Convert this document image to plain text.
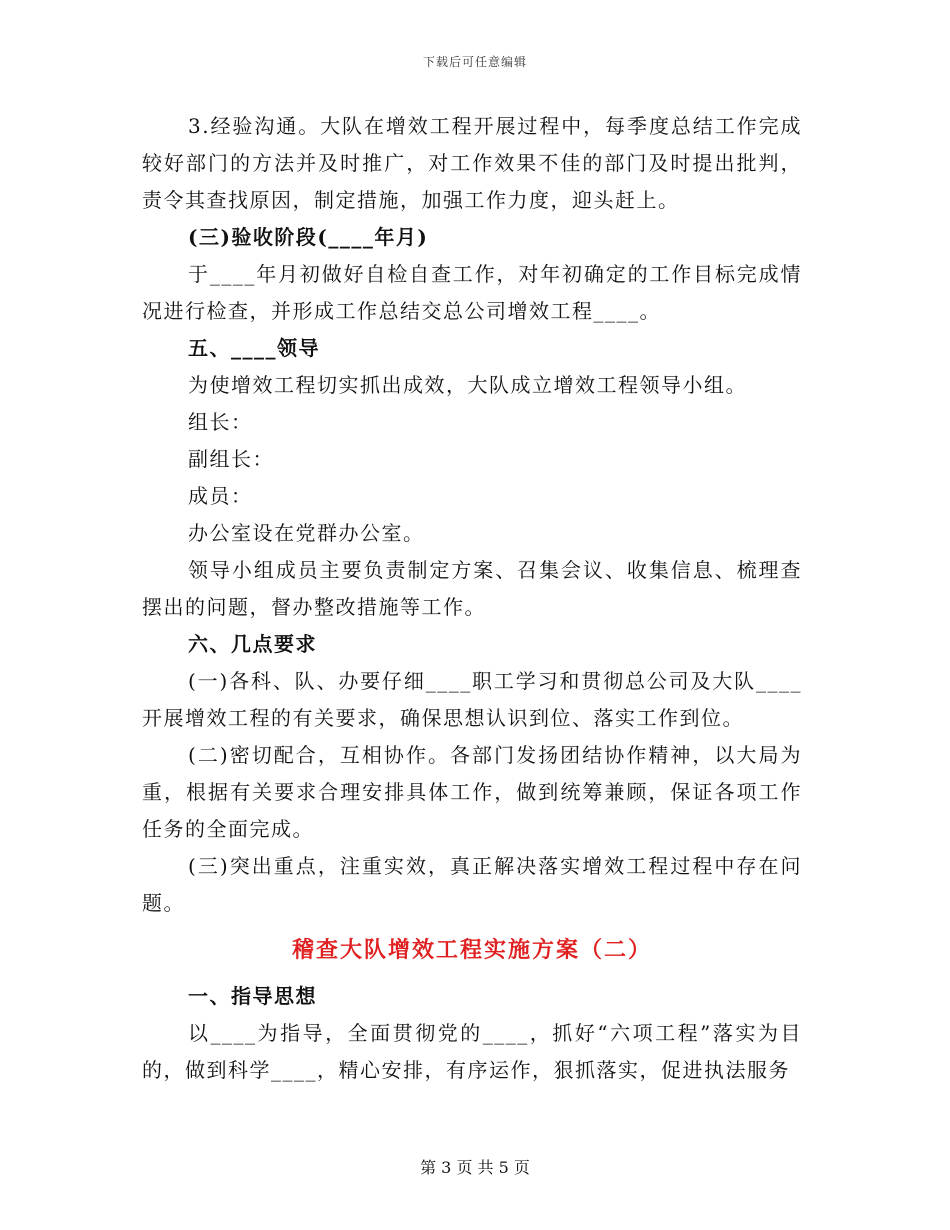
下载后可任意编辑

3.经验沟通。大队在增效工程开展过程中，每季度总结工作完成较好部门的方法并及时推广，对工作效果不佳的部门及时提出批判，责令其查找原因，制定措施，加强工作力度，迎头赶上。

(三)验收阶段(____年月)

于____年月初做好自检自查工作，对年初确定的工作目标完成情况进行检查，并形成工作总结交总公司增效工程____。

五、____领导

为使增效工程切实抓出成效，大队成立增效工程领导小组。

组长：

副组长：

成员：

办公室设在党群办公室。

领导小组成员主要负责制定方案、召集会议、收集信息、梳理查摆出的问题，督办整改措施等工作。

六、几点要求

(一)各科、队、办要仔细____职工学习和贯彻总公司及大队____开展增效工程的有关要求，确保思想认识到位、落实工作到位。

(二)密切配合，互相协作。各部门发扬团结协作精神，以大局为重，根据有关要求合理安排具体工作，做到统筹兼顾，保证各项工作任务的全面完成。

(三)突出重点，注重实效，真正解决落实增效工程过程中存在问题。

稽查大队增效工程实施方案（二）

一、指导思想

以____为指导，全面贯彻党的____，抓好“六项工程”落实为目的，做到科学____，精心安排，有序运作，狠抓落实，促进执法服务

第 3 页 共 5 页
